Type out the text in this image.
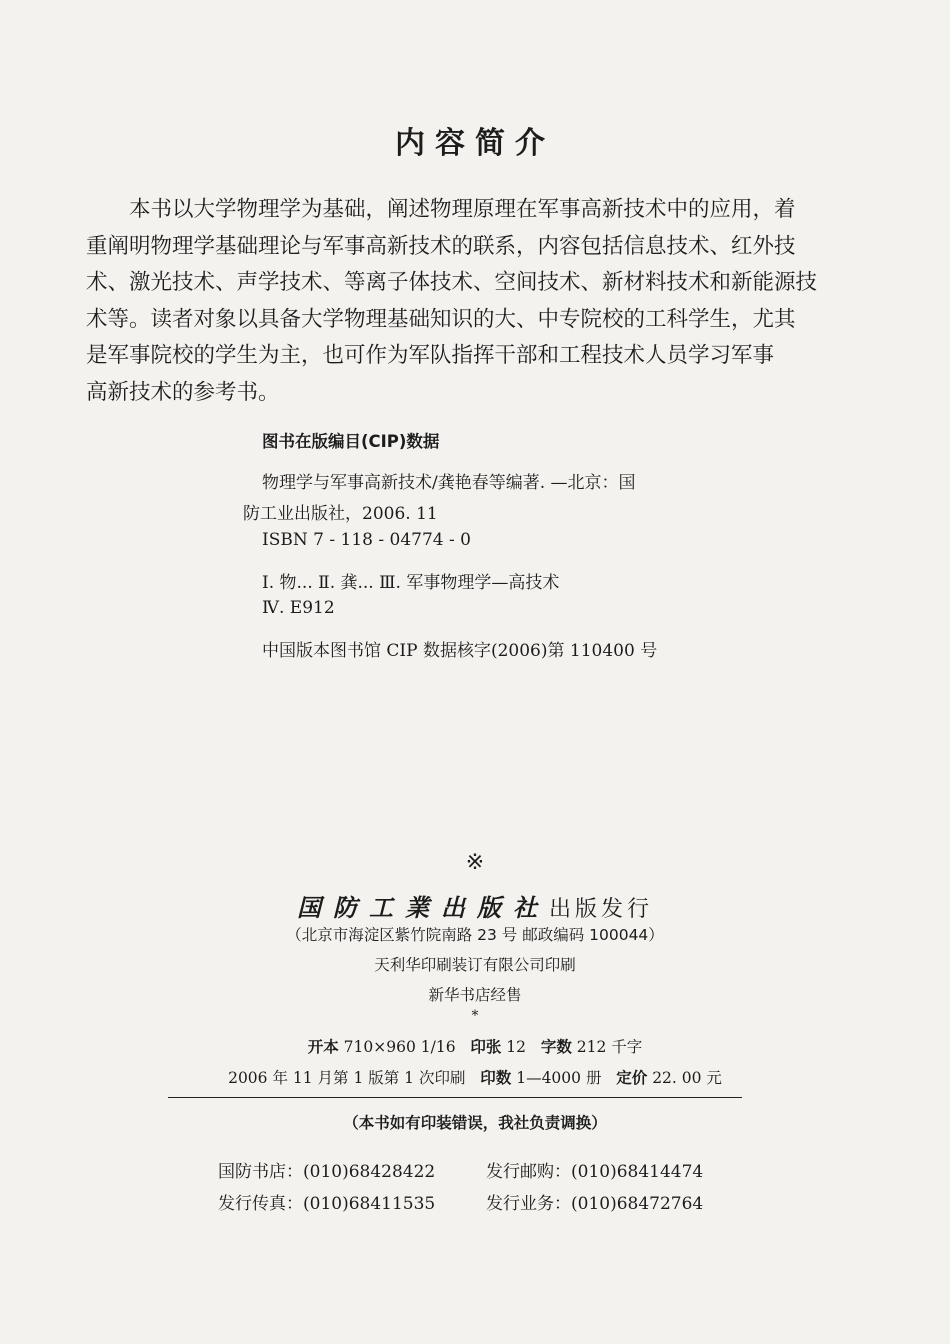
内容简介
本书以大学物理学为基础，阐述物理原理在军事高新技术中的应用，着
重阐明物理学基础理论与军事高新技术的联系，内容包括信息技术、红外技
术、激光技术、声学技术、等离子体技术、空间技术、新材料技术和新能源技
术等。读者对象以具备大学物理基础知识的大、中专院校的工科学生，尤其
是军事院校的学生为主，也可作为军队指挥干部和工程技术人员学习军事
高新技术的参考书。
图书在版编目(CIP)数据
物理学与军事高新技术/龚艳春等编著. —北京：国
防工业出版社，2006. 11
ISBN 7 - 118 - 04774 - 0
Ⅰ. 物... Ⅱ. 龚... Ⅲ. 军事物理学—高技术
Ⅳ. E912
中国版本图书馆 CIP 数据核字(2006)第 110400 号
※
国防工業出版社出版发行
（北京市海淀区紫竹院南路 23 号 邮政编码 100044）
天利华印刷装订有限公司印刷
新华书店经售
*
开本 710×960 1/16 印张 12 字数 212 千字
2006 年 11 月第 1 版第 1 次印刷 印数 1—4000 册 定价 22. 00 元
（本书如有印装错误，我社负责调换）
国防书店：(010)68428422	发行邮购：(010)68414474
发行传真：(010)68411535	发行业务：(010)68472764
